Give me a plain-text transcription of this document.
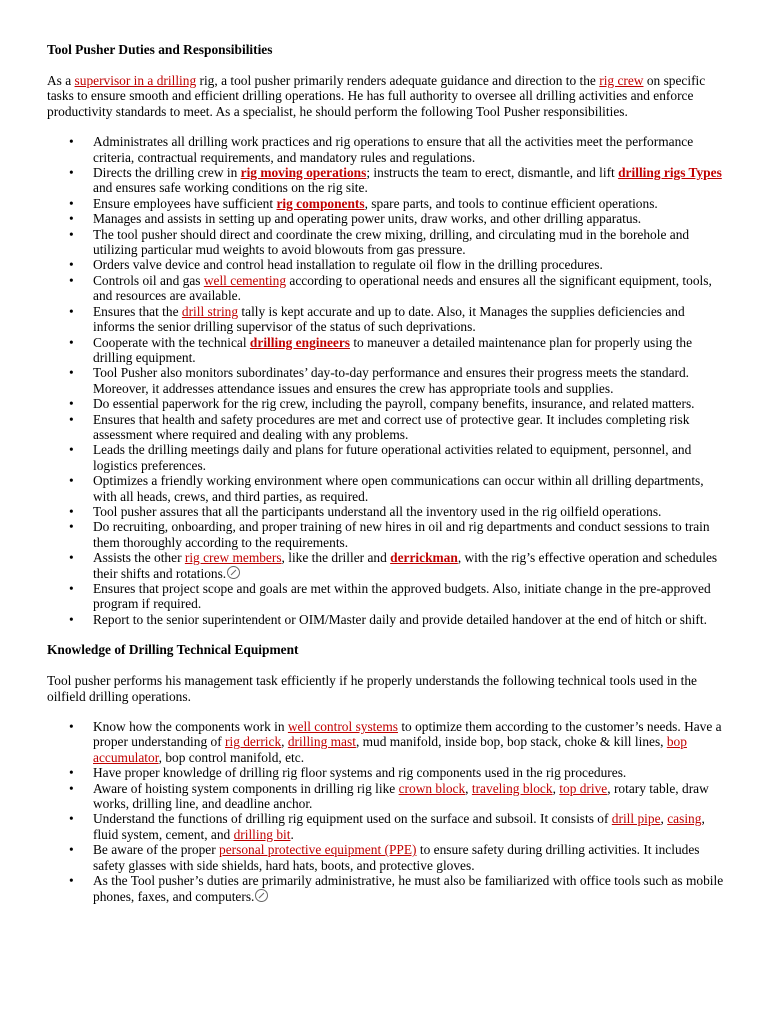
Tool Pusher Duties and Responsibilities

As a supervisor in a drilling rig, a tool pusher primarily renders adequate guidance and direction to the rig crew on specific tasks to ensure smooth and efficient drilling operations. He has full authority to oversee all drilling activities and enforce productivity standards to meet. As a specialist, he should perform the following Tool Pusher responsibilities.

• Administrates all drilling work practices and rig operations to ensure that all the activities meet the performance criteria, contractual requirements, and mandatory rules and regulations.
• Directs the drilling crew in rig moving operations; instructs the team to erect, dismantle, and lift drilling rigs Types and ensures safe working conditions on the rig site.
• Ensure employees have sufficient rig components, spare parts, and tools to continue efficient operations.
• Manages and assists in setting up and operating power units, draw works, and other drilling apparatus.
• The tool pusher should direct and coordinate the crew mixing, drilling, and circulating mud in the borehole and utilizing particular mud weights to avoid blowouts from gas pressure.
• Orders valve device and control head installation to regulate oil flow in the drilling procedures.
• Controls oil and gas well cementing according to operational needs and ensures all the significant equipment, tools, and resources are available.
• Ensures that the drill string tally is kept accurate and up to date. Also, it Manages the supplies deficiencies and informs the senior drilling supervisor of the status of such deprivations.
• Cooperate with the technical drilling engineers to maneuver a detailed maintenance plan for properly using the drilling equipment.
• Tool Pusher also monitors subordinates’ day-to-day performance and ensures their progress meets the standard. Moreover, it addresses attendance issues and ensures the crew has appropriate tools and supplies.
• Do essential paperwork for the rig crew, including the payroll, company benefits, insurance, and related matters.
• Ensures that health and safety procedures are met and correct use of protective gear. It includes completing risk assessment where required and dealing with any problems.
• Leads the drilling meetings daily and plans for future operational activities related to equipment, personnel, and logistics preferences.
• Optimizes a friendly working environment where open communications can occur within all drilling departments, with all heads, crews, and third parties, as required.
• Tool pusher assures that all the participants understand all the inventory used in the rig oilfield operations.
• Do recruiting, onboarding, and proper training of new hires in oil and rig departments and conduct sessions to train them thoroughly according to the requirements.
• Assists the other rig crew members, like the driller and derrickman, with the rig’s effective operation and schedules their shifts and rotations.
• Ensures that project scope and goals are met within the approved budgets. Also, initiate change in the pre-approved program if required.
• Report to the senior superintendent or OIM/Master daily and provide detailed handover at the end of hitch or shift.
Knowledge of Drilling Technical Equipment

Tool pusher performs his management task efficiently if he properly understands the following technical tools used in the oilfield drilling operations.

• Know how the components work in well control systems to optimize them according to the customer’s needs. Have a proper understanding of rig derrick, drilling mast, mud manifold, inside bop, bop stack, choke & kill lines, bop accumulator, bop control manifold, etc.
• Have proper knowledge of drilling rig floor systems and rig components used in the rig procedures.
• Aware of hoisting system components in drilling rig like crown block, traveling block, top drive, rotary table, draw works, drilling line, and deadline anchor.
• Understand the functions of drilling rig equipment used on the surface and subsoil. It consists of drill pipe, casing, fluid system, cement, and drilling bit.
• Be aware of the proper personal protective equipment (PPE) to ensure safety during drilling activities. It includes safety glasses with side shields, hard hats, boots, and protective gloves.
• As the Tool pusher’s duties are primarily administrative, he must also be familiarized with office tools such as mobile phones, faxes, and computers.
